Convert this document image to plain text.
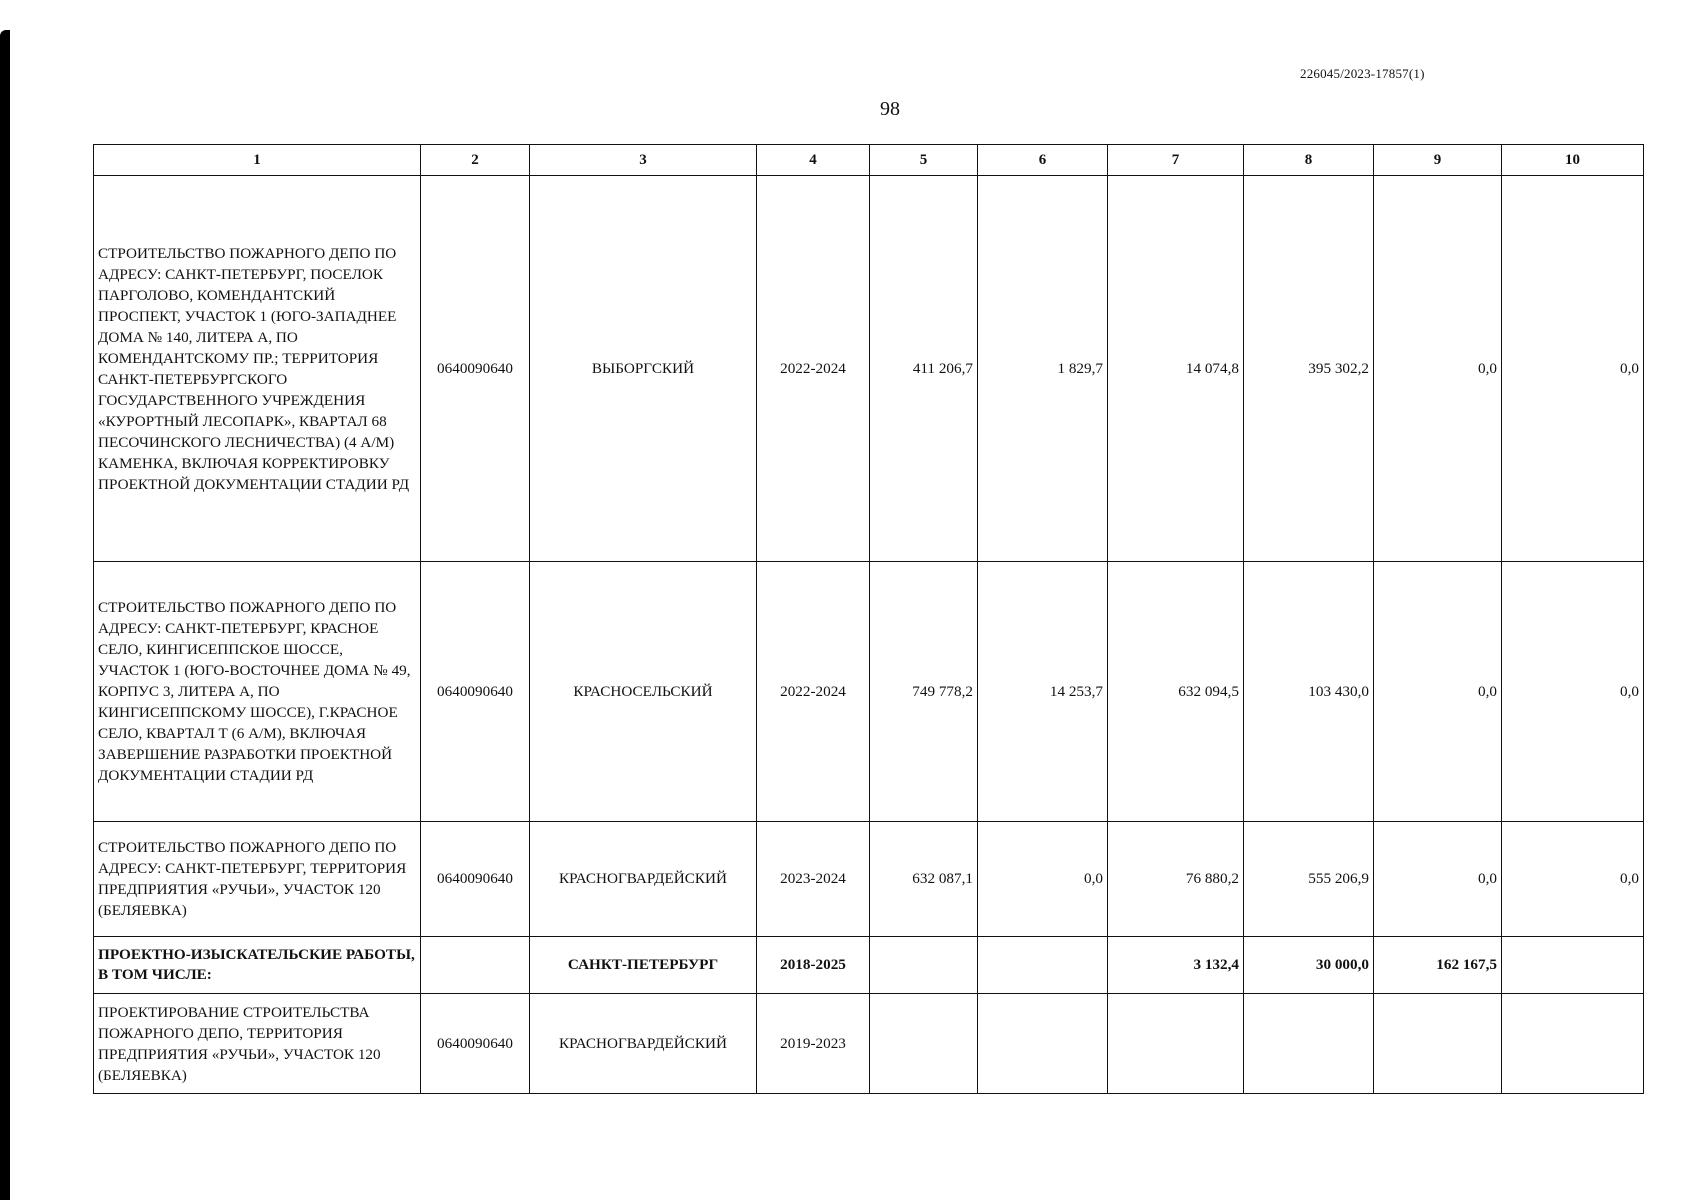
226045/2023-17857(1)
98
1	2	3	4	5	6	7	8	9	10
СТРОИТЕЛЬСТВО ПОЖАРНОГО ДЕПО ПО АДРЕСУ: САНКТ-ПЕТЕРБУРГ, ПОСЕЛОК ПАРГОЛОВО, КОМЕНДАНТСКИЙ ПРОСПЕКТ, УЧАСТОК 1 (ЮГО-ЗАПАДНЕЕ ДОМА № 140, ЛИТЕРА А, ПО КОМЕНДАНТСКОМУ ПР.; ТЕРРИТОРИЯ САНКТ-ПЕТЕРБУРГСКОГО ГОСУДАРСТВЕННОГО УЧРЕЖДЕНИЯ «КУРОРТНЫЙ ЛЕСОПАРК», КВАРТАЛ 68 ПЕСОЧИНСКОГО ЛЕСНИЧЕСТВА) (4 А/М) КАМЕНКА, ВКЛЮЧАЯ КОРРЕКТИРОВКУ ПРОЕКТНОЙ ДОКУМЕНТАЦИИ СТАДИИ РД	0640090640	ВЫБОРГСКИЙ	2022-2024	411 206,7	1 829,7	14 074,8	395 302,2	0,0	0,0
СТРОИТЕЛЬСТВО ПОЖАРНОГО ДЕПО ПО АДРЕСУ: САНКТ-ПЕТЕРБУРГ, КРАСНОЕ СЕЛО, КИНГИСЕППСКОЕ ШОССЕ, УЧАСТОК 1 (ЮГО-ВОСТОЧНЕЕ ДОМА № 49, КОРПУС 3, ЛИТЕРА А, ПО КИНГИСЕППСКОМУ ШОССЕ), Г.КРАСНОЕ СЕЛО, КВАРТАЛ Т (6 А/М), ВКЛЮЧАЯ ЗАВЕРШЕНИЕ РАЗРАБОТКИ ПРОЕКТНОЙ ДОКУМЕНТАЦИИ СТАДИИ РД	0640090640	КРАСНОСЕЛЬСКИЙ	2022-2024	749 778,2	14 253,7	632 094,5	103 430,0	0,0	0,0
СТРОИТЕЛЬСТВО ПОЖАРНОГО ДЕПО ПО АДРЕСУ: САНКТ-ПЕТЕРБУРГ, ТЕРРИТОРИЯ ПРЕДПРИЯТИЯ «РУЧЬИ», УЧАСТОК 120 (БЕЛЯЕВКА)	0640090640	КРАСНОГВАРДЕЙСКИЙ	2023-2024	632 087,1	0,0	76 880,2	555 206,9	0,0	0,0
ПРОЕКТНО-ИЗЫСКАТЕЛЬСКИЕ РАБОТЫ, В ТОМ ЧИСЛЕ:		САНКТ-ПЕТЕРБУРГ	2018-2025			3 132,4	30 000,0	162 167,5	
ПРОЕКТИРОВАНИЕ СТРОИТЕЛЬСТВА ПОЖАРНОГО ДЕПО, ТЕРРИТОРИЯ ПРЕДПРИЯТИЯ «РУЧЬИ», УЧАСТОК 120 (БЕЛЯЕВКА)	0640090640	КРАСНОГВАРДЕЙСКИЙ	2019-2023						
